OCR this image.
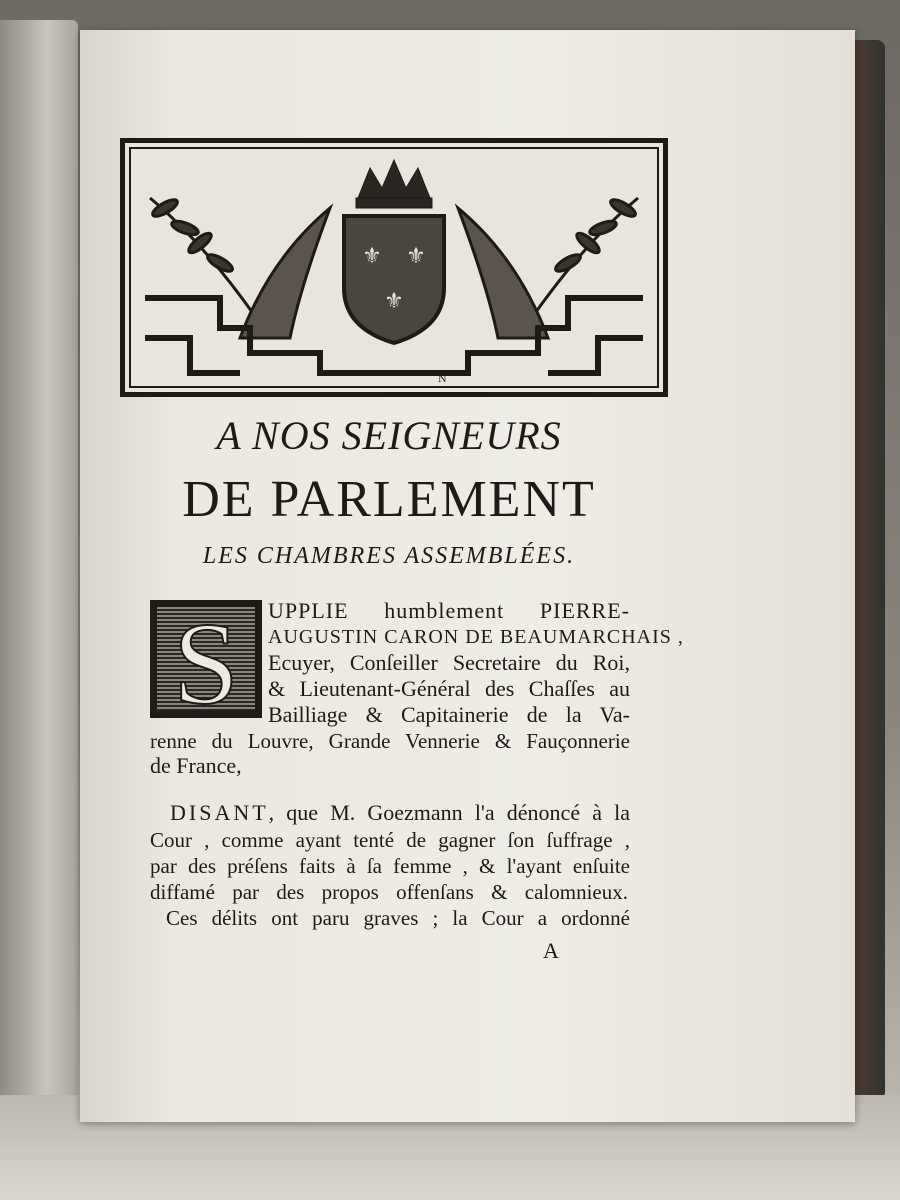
⚜ ⚜
⚜
N
A NOS SEIGNEURS
DE PARLEMENT
LES CHAMBRES ASSEMBLÉES.
S	UPPLIE humblement PIERRE-
AUGUSTIN CARON DE BEAUMARCHAIS ,
Ecuyer, Conſeiller Secretaire du Roi,
& Lieutenant-Général des Chaſſes au
Bailliage & Capitainerie de la Va-
renne du Louvre, Grande Vennerie & Fauçonnerie
de France,
DISANT , que M. Goezmann l'a dénoncé à la
Cour , comme ayant tenté de gagner ſon ſuffrage ,
par des préſens faits à ſa femme , & l'ayant enſuite
diffamé par des propos offenſans & calomnieux.
Ces délits ont paru graves ; la Cour a ordonné
A
